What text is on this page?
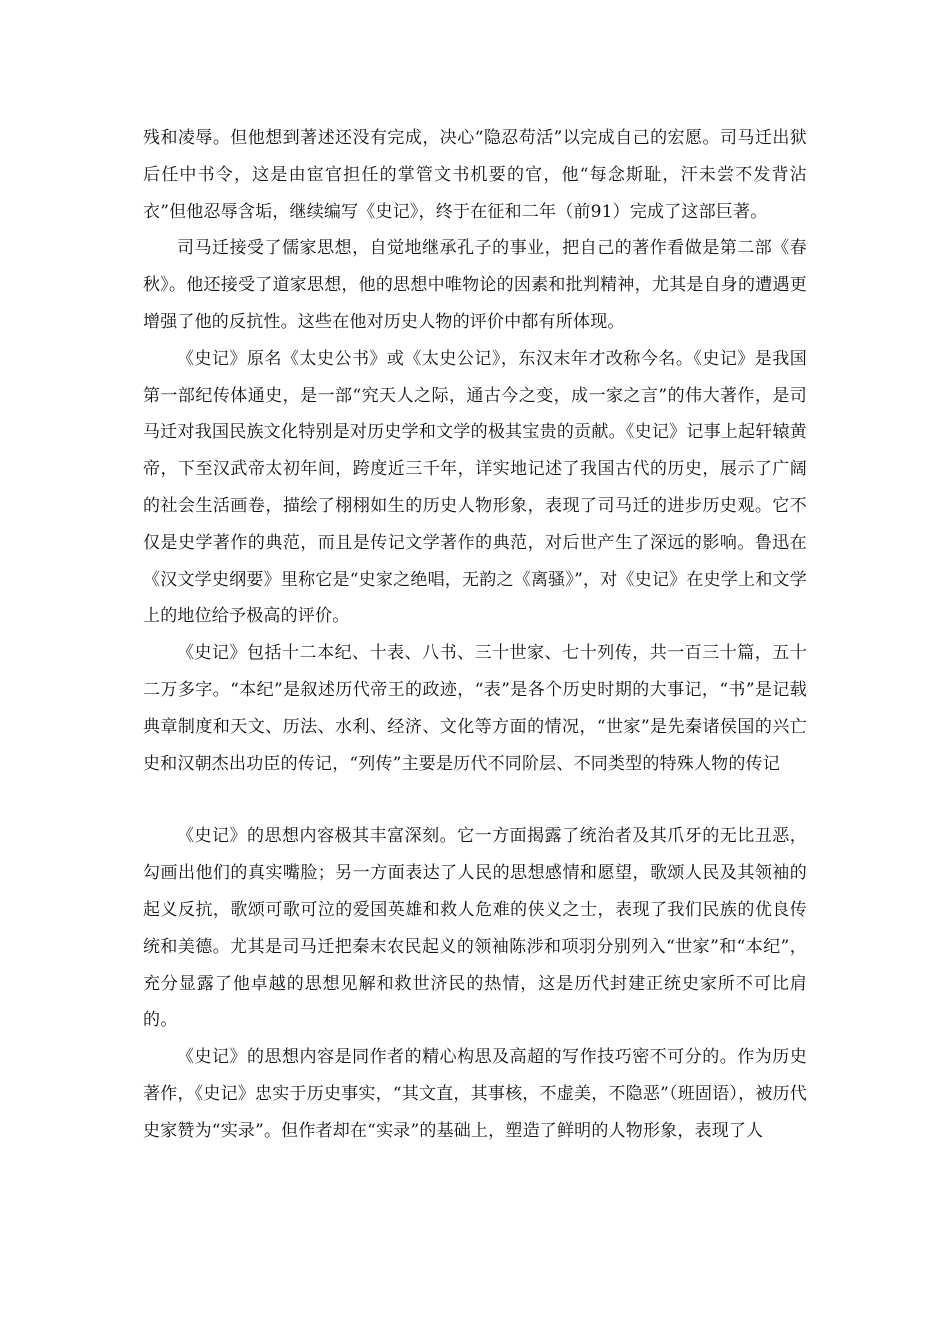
残和凌辱。但他想到著述还没有完成，决心“隐忍苟活”以完成自己的宏愿。司马迁出狱后任中书令，这是由宦官担任的掌管文书机要的官，他“每念斯耻，汗未尝不发背沾衣”但他忍辱含垢，继续编写《史记》，终于在征和二年（前91）完成了这部巨著。

司马迁接受了儒家思想，自觉地继承孔子的事业，把自己的著作看做是第二部《春秋》。他还接受了道家思想，他的思想中唯物论的因素和批判精神，尤其是自身的遭遇更增强了他的反抗性。这些在他对历史人物的评价中都有所体现。

《史记》原名《太史公书》或《太史公记》，东汉末年才改称今名。《史记》是我国第一部纪传体通史，是一部“究天人之际，通古今之变，成一家之言”的伟大著作，是司马迁对我国民族文化特别是对历史学和文学的极其宝贵的贡献。《史记》记事上起轩辕黄帝，下至汉武帝太初年间，跨度近三千年，详实地记述了我国古代的历史，展示了广阔的社会生活画卷，描绘了栩栩如生的历史人物形象，表现了司马迁的进步历史观。它不仅是史学著作的典范，而且是传记文学著作的典范，对后世产生了深远的影响。鲁迅在《汉文学史纲要》里称它是“史家之绝唱，无韵之《离骚》”，对《史记》在史学上和文学上的地位给予极高的评价。

《史记》包括十二本纪、十表、八书、三十世家、七十列传，共一百三十篇，五十二万多字。“本纪”是叙述历代帝王的政迹，“表”是各个历史时期的大事记，“书”是记载典章制度和天文、历法、水利、经济、文化等方面的情况，“世家”是先秦诸侯国的兴亡史和汉朝杰出功臣的传记，“列传”主要是历代不同阶层、不同类型的特殊人物的传记

《史记》的思想内容极其丰富深刻。它一方面揭露了统治者及其爪牙的无比丑恶，勾画出他们的真实嘴脸；另一方面表达了人民的思想感情和愿望，歌颂人民及其领袖的起义反抗，歌颂可歌可泣的爱国英雄和救人危难的侠义之士，表现了我们民族的优良传统和美德。尤其是司马迁把秦末农民起义的领袖陈涉和项羽分别列入“世家”和“本纪”，充分显露了他卓越的思想见解和救世济民的热情，这是历代封建正统史家所不可比肩的。

《史记》的思想内容是同作者的精心构思及高超的写作技巧密不可分的。作为历史著作，《史记》忠实于历史事实，“其文直，其事核，不虚美，不隐恶”（班固语），被历代史家赞为“实录”。但作者却在“实录”的基础上，塑造了鲜明的人物形象，表现了人
